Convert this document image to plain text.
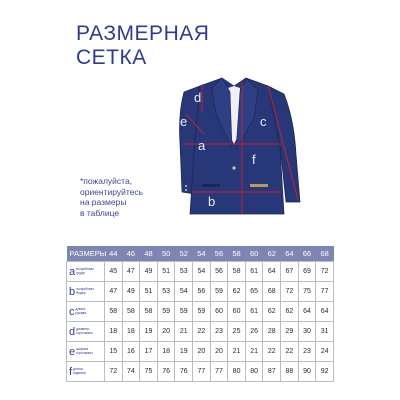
РАЗМЕРНАЯ
СЕТКА
*пожалуйста,
ориентируйтесь
на размеры
в таблице
d
e
a
c
f
b
РАЗМЕРЫ	44	46	48	50	52	54	56	58	60	62	64	66	68
aполуобхват груди	45	47	49	51	53	54	56	58	61	64	67	69	72
bполуобхват бедер	47	49	51	53	54	56	59	62	65	68	72	75	77
cдлина рукава	58	58	58	59	59	59	60	60	61	62	62	64	64
dдиаметр горловины	18	18	19	20	21	22	23	25	26	28	29	30	31
eширина горловины	15	16	17	18	19	20	20	21	21	22	22	23	24
fдлина изделия	72	74	75	76	76	77	77	80	80	87	88	90	92
